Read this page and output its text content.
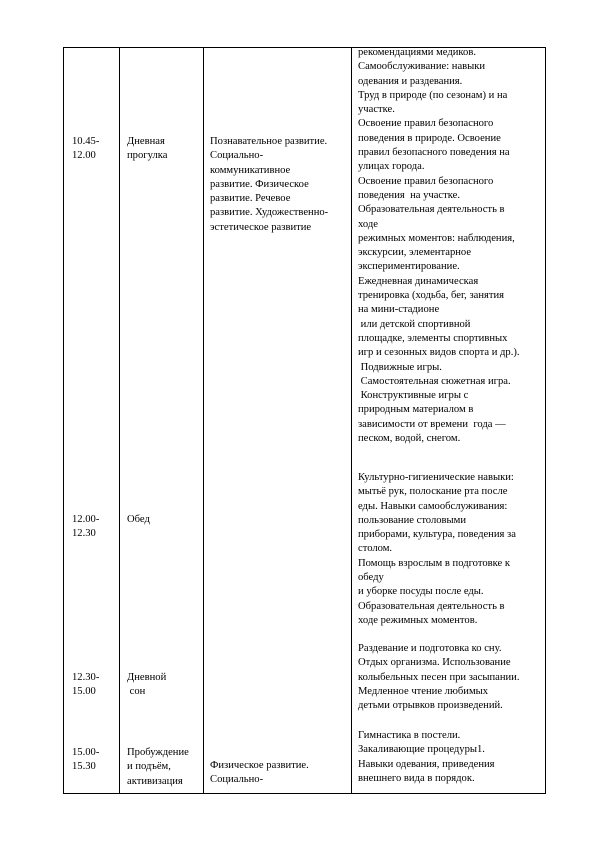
10.45-
12.00
Дневная
прогулка
Познавательное развитие.
Социально-
коммуникативное
развитие. Физическое
развитие. Речевое
развитие. Художественно-
эстетическое развитие
рекомендациями медиков.
Самообслуживание: навыки
одевания и раздевания.
Труд в природе (по сезонам) и на
участке.
Освоение правил безопасного
поведения в природе. Освоение
правил безопасного поведения на
улицах города.
Освоение правил безопасного
поведения  на участке.
Образовательная деятельность в
ходе
режимных моментов: наблюдения,
экскурсии, элементарное
экспериментирование.
Ежедневная динамическая
тренировка (ходьба, бег, занятия
на мини-стадионе
или детской спортивной
площадке, элементы спортивных
игр и сезонных видов спорта и др.).
Подвижные игры.
Самостоятельная сюжетная игра.
Конструктивные игры с
природным материалом в
зависимости от времени  года —
песком, водой, снегом.
12.00-
12.30
Обед
Культурно-гигиенические навыки:
мытьё рук, полоскание рта после
еды. Навыки самообслуживания:
пользование столовыми
приборами, культура, поведения за
столом.
Помощь взрослым в подготовке к
обеду
и уборке посуды после еды.
Образовательная деятельность в
ходе режимных моментов.
12.30-
15.00
Дневной
сон
Раздевание и подготовка ко сну.
Отдых организма. Использование
колыбельных песен при засыпании.
Медленное чтение любимых
детьми отрывков произведений.
15.00-
15.30
Пробуждение
и подъём,
активизация
Физическое развитие.
Социально-
Гимнастика в постели.
Закаливающие процедуры1.
Навыки одевания, приведения
внешнего вида в порядок.
